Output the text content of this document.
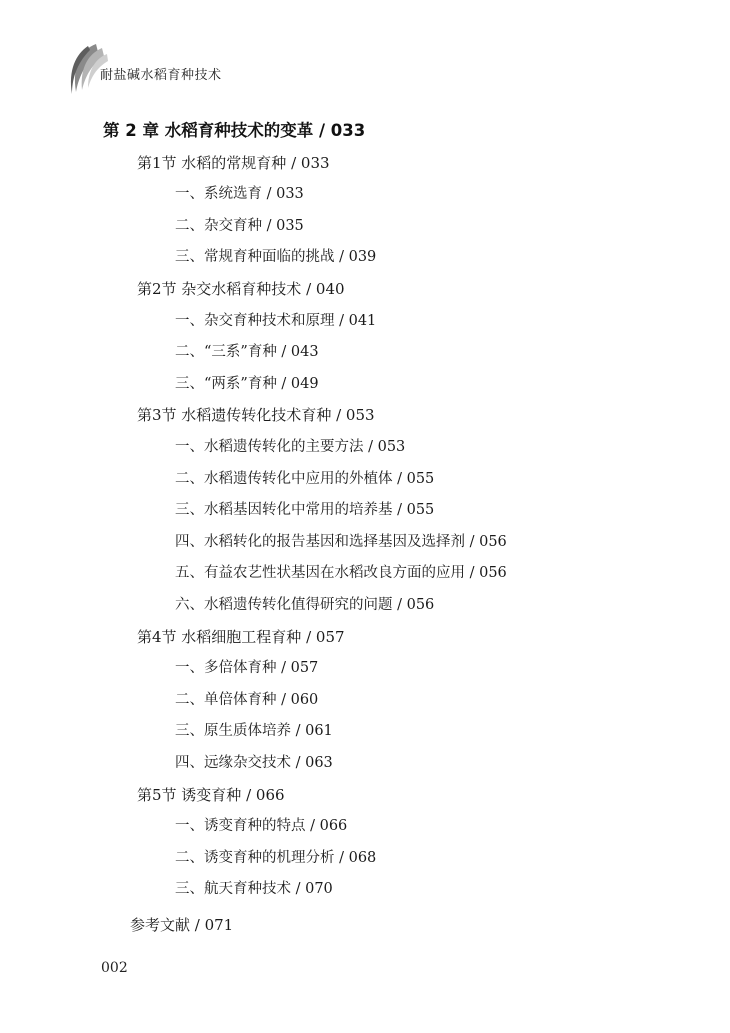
耐盐碱水稻育种技术
第 2 章 水稻育种技术的变革 / 033
第1节 水稻的常规育种 / 033
一、系统选育 / 033
二、杂交育种 / 035
三、常规育种面临的挑战 / 039
第2节 杂交水稻育种技术 / 040
一、杂交育种技术和原理 / 041
二、“三系”育种 / 043
三、“两系”育种 / 049
第3节 水稻遗传转化技术育种 / 053
一、水稻遗传转化的主要方法 / 053
二、水稻遗传转化中应用的外植体 / 055
三、水稻基因转化中常用的培养基 / 055
四、水稻转化的报告基因和选择基因及选择剂 / 056
五、有益农艺性状基因在水稻改良方面的应用 / 056
六、水稻遗传转化值得研究的问题 / 056
第4节 水稻细胞工程育种 / 057
一、多倍体育种 / 057
二、单倍体育种 / 060
三、原生质体培养 / 061
四、远缘杂交技术 / 063
第5节 诱变育种 / 066
一、诱变育种的特点 / 066
二、诱变育种的机理分析 / 068
三、航天育种技术 / 070
参考文献 / 071
002
